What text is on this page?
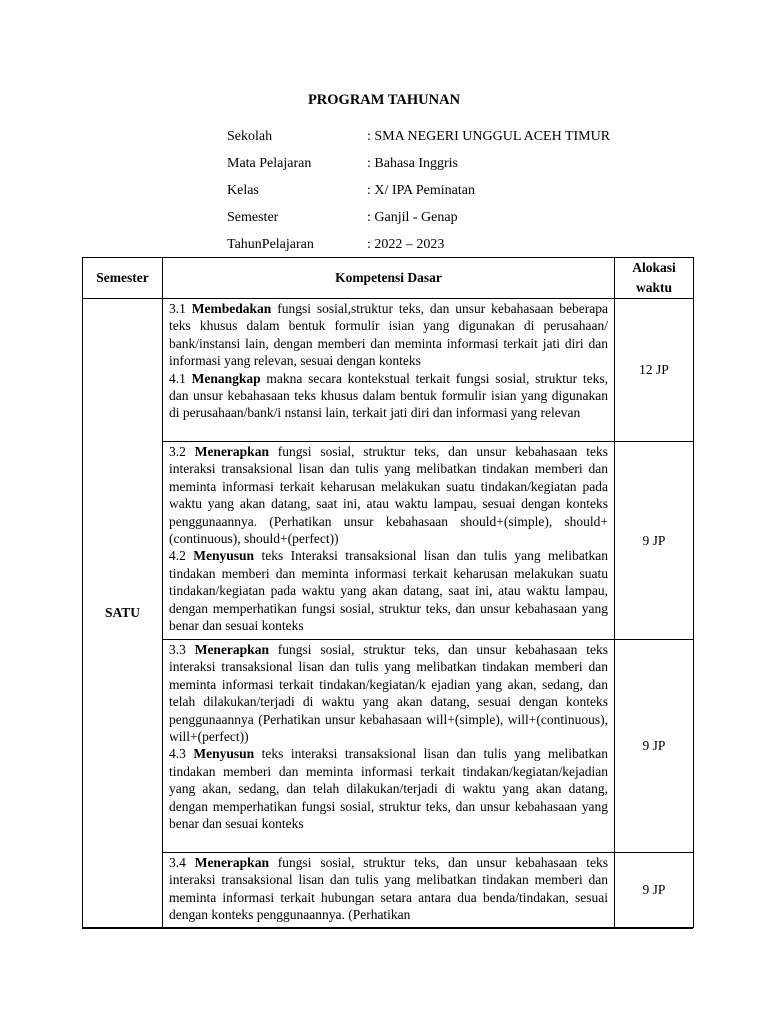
PROGRAM TAHUNAN
Sekolah	: SMA NEGERI UNGGUL ACEH TIMUR
Mata Pelajaran	: Bahasa Inggris
Kelas	: X/ IPA Peminatan
Semester	: Ganjil - Genap
TahunPelajaran	: 2022 – 2023
Semester	Kompetensi Dasar	Alokasi waktu
SATU	3.1 Membedakan fungsi sosial,struktur teks, dan unsur kebahasaan beberapa teks khusus dalam bentuk formulir isian yang digunakan di perusahaan/ bank/instansi lain, dengan memberi dan meminta informasi terkait jati diri dan informasi yang relevan, sesuai dengan konteks
4.1 Menangkap makna secara kontekstual terkait fungsi sosial, struktur teks, dan unsur kebahasaan teks khusus dalam bentuk formulir isian yang digunakan di perusahaan/bank/i nstansi lain, terkait jati diri dan informasi yang relevan	12 JP

	3.2 Menerapkan fungsi sosial, struktur teks, dan unsur kebahasaan teks interaksi transaksional lisan dan tulis yang melibatkan tindakan memberi dan meminta informasi terkait keharusan melakukan suatu tindakan/kegiatan pada waktu yang akan datang, saat ini, atau waktu lampau, sesuai dengan konteks penggunaannya. (Perhatikan unsur kebahasaan should+(simple), should+(continuous), should+(perfect))
4.2 Menyusun teks Interaksi transaksional lisan dan tulis yang melibatkan tindakan memberi dan meminta informasi terkait keharusan melakukan suatu tindakan/kegiatan pada waktu yang akan datang, saat ini, atau waktu lampau, dengan memperhatikan fungsi sosial, struktur teks, dan unsur kebahasaan yang benar dan sesuai konteks	9 JP

	3.3 Menerapkan fungsi sosial, struktur teks, dan unsur kebahasaan teks interaksi transaksional lisan dan tulis yang melibatkan tindakan memberi dan meminta informasi terkait tindakan/kegiatan/k ejadian yang akan, sedang, dan telah dilakukan/terjadi di waktu yang akan datang, sesuai dengan konteks penggunaannya (Perhatikan unsur kebahasaan will+(simple), will+(continuous), will+(perfect))
4.3 Menyusun teks interaksi transaksional lisan dan tulis yang melibatkan tindakan memberi dan meminta informasi terkait tindakan/kegiatan/kejadian yang akan, sedang, dan telah dilakukan/terjadi di waktu yang akan datang, dengan memperhatikan fungsi sosial, struktur teks, dan unsur kebahasaan yang benar dan sesuai konteks	9 JP

	3.4 Menerapkan fungsi sosial, struktur teks, dan unsur kebahasaan teks interaksi transaksional lisan dan tulis yang melibatkan tindakan memberi dan meminta informasi terkait hubungan setara antara dua benda/tindakan, sesuai dengan konteks penggunaannya. (Perhatikan	9 JP
